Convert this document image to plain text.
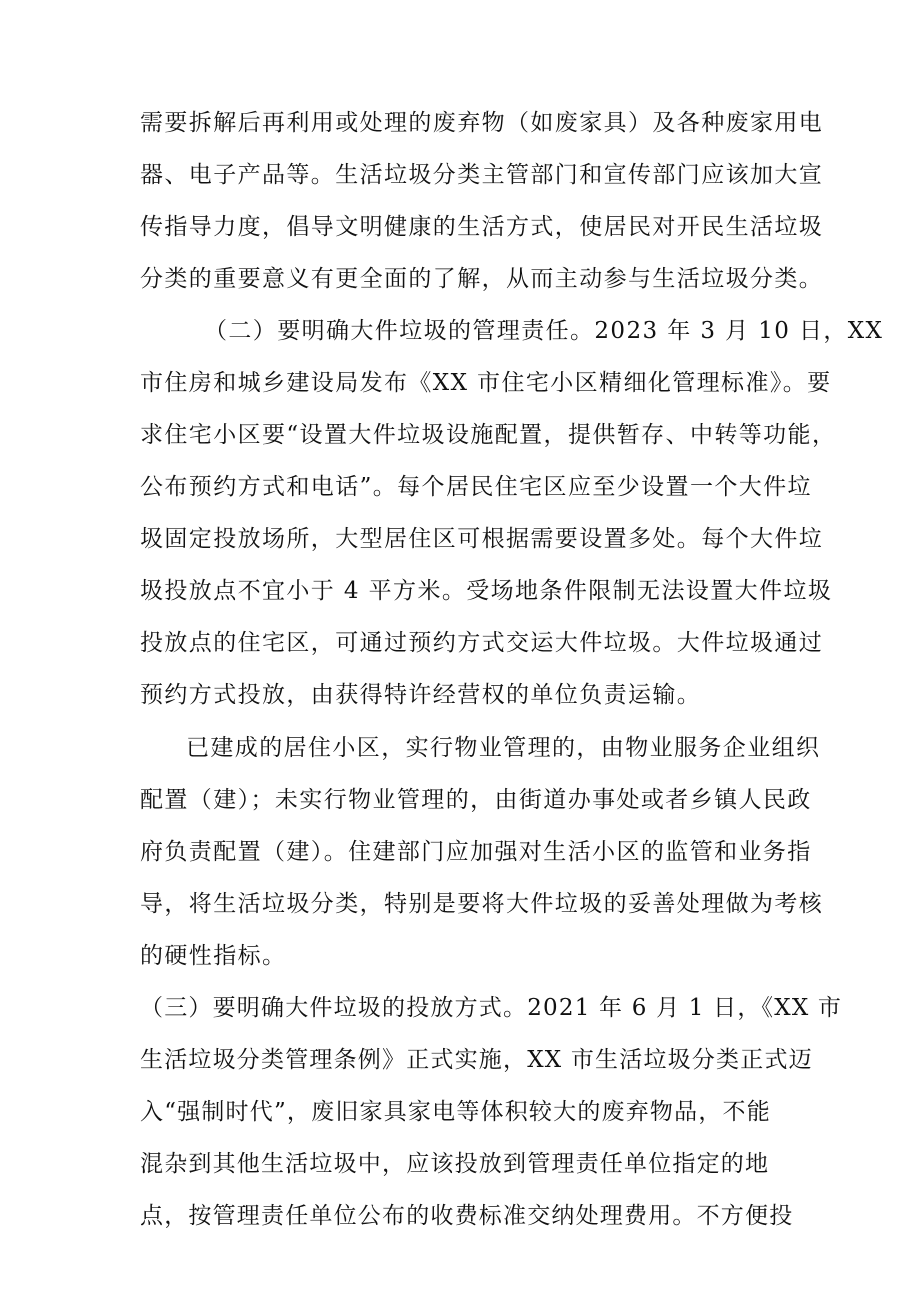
需要拆解后再利用或处理的废弃物（如废家具）及各种废家用电
器、电子产品等。生活垃圾分类主管部门和宣传部门应该加大宣
传指导力度，倡导文明健康的生活方式，使居民对开民生活垃圾
分类的重要意义有更全面的了解，从而主动参与生活垃圾分类。
（二）要明确大件垃圾的管理责任。2023 年 3 月 10 日，XX
市住房和城乡建设局发布《XX 市住宅小区精细化管理标准》。要
求住宅小区要“设置大件垃圾设施配置，提供暂存、中转等功能，
公布预约方式和电话”。每个居民住宅区应至少设置一个大件垃
圾固定投放场所，大型居住区可根据需要设置多处。每个大件垃
圾投放点不宜小于 4 平方米。受场地条件限制无法设置大件垃圾
投放点的住宅区，可通过预约方式交运大件垃圾。大件垃圾通过
预约方式投放，由获得特许经营权的单位负责运输。
已建成的居住小区，实行物业管理的，由物业服务企业组织
配置（建）；未实行物业管理的，由街道办事处或者乡镇人民政
府负责配置（建）。住建部门应加强对生活小区的监管和业务指
导，将生活垃圾分类，特别是要将大件垃圾的妥善处理做为考核
的硬性指标。
（三）要明确大件垃圾的投放方式。2021 年 6 月 1 日，《XX 市
生活垃圾分类管理条例》正式实施，XX 市生活垃圾分类正式迈
入“强制时代”，废旧家具家电等体积较大的废弃物品，不能
混杂到其他生活垃圾中，应该投放到管理责任单位指定的地
点，按管理责任单位公布的收费标准交纳处理费用。不方便投
